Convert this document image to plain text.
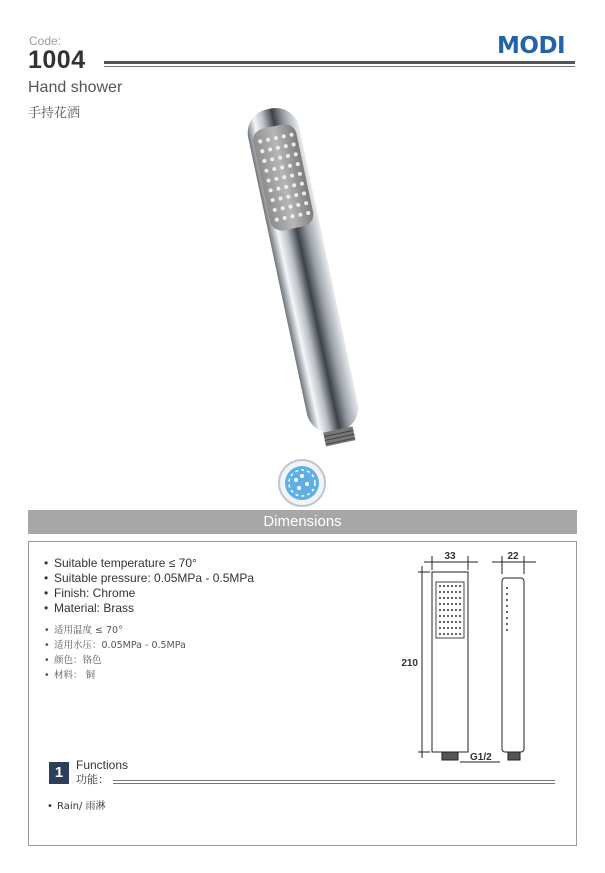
Code:
1004	MODI
Hand shower
手持花洒
Dimensions
• Suitable temperature ≤ 70°
• Suitable pressure: 0.05MPa - 0.5MPa
• Finish: Chrome
• Material: Brass
• 适用温度 ≤ 70°
• 适用水压：0.05MPa - 0.5MPa
• 颜色：铬色
• 材料： 铜
33	22
210
G1/2
1	Functions
功能：
• Rain/ 雨淋
